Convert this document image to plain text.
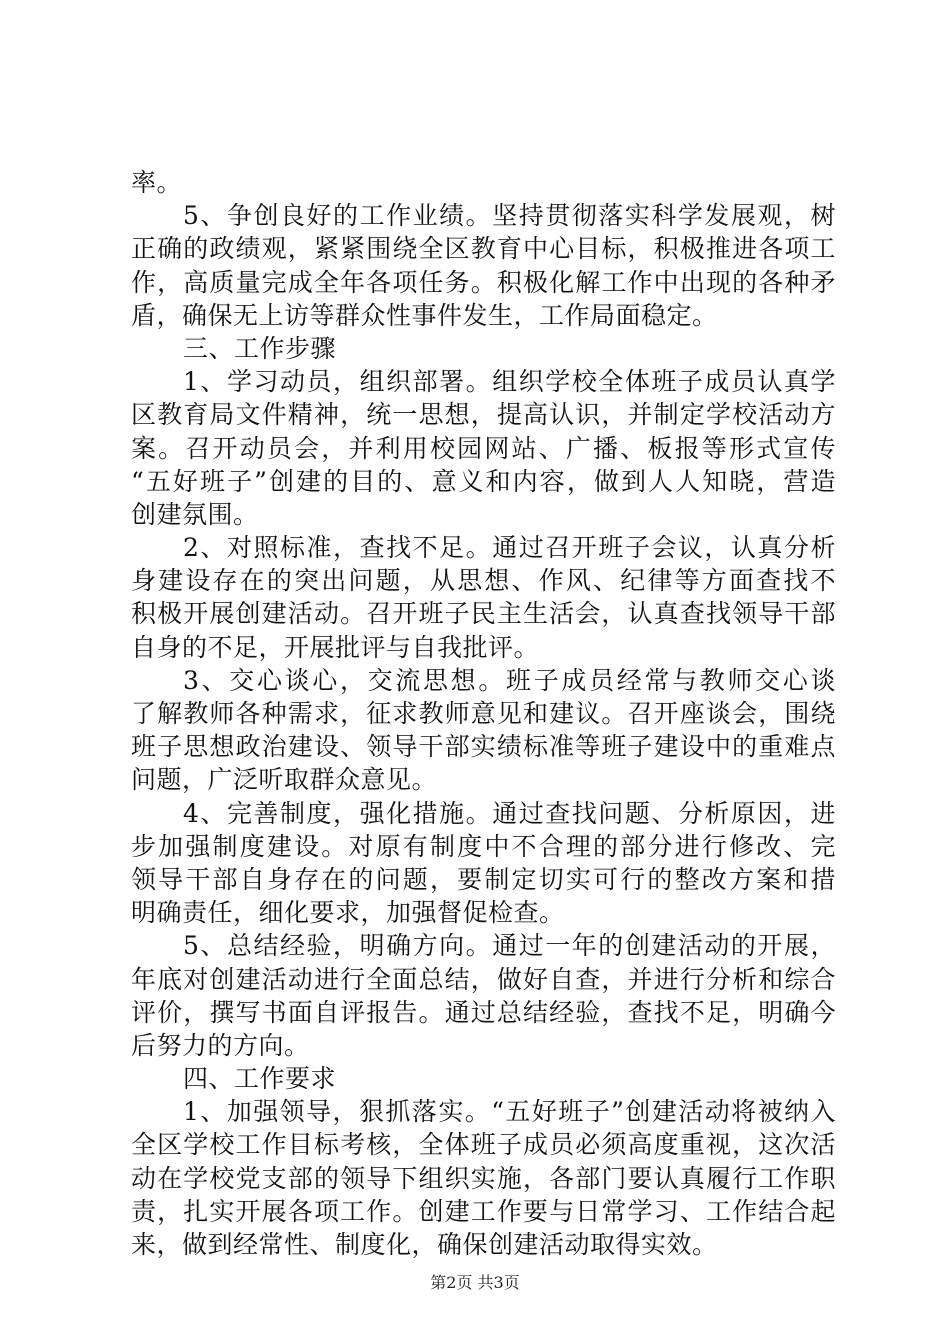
率。
5、争创良好的工作业绩。坚持贯彻落实科学发展观，树
正确的政绩观，紧紧围绕全区教育中心目标，积极推进各项工
作，高质量完成全年各项任务。积极化解工作中出现的各种矛
盾，确保无上访等群众性事件发生，工作局面稳定。
三、工作步骤
1、学习动员，组织部署。组织学校全体班子成员认真学
区教育局文件精神，统一思想，提高认识，并制定学校活动方
案。召开动员会，并利用校园网站、广播、板报等形式宣传
“五好班子”创建的目的、意义和内容，做到人人知晓，营造
创建氛围。
2、对照标准，查找不足。通过召开班子会议，认真分析
身建设存在的突出问题，从思想、作风、纪律等方面查找不
积极开展创建活动。召开班子民主生活会，认真查找领导干部
自身的不足，开展批评与自我批评。
3、交心谈心，交流思想。班子成员经常与教师交心谈
了解教师各种需求，征求教师意见和建议。召开座谈会，围绕
班子思想政治建设、领导干部实绩标准等班子建设中的重难点
问题，广泛听取群众意见。
4、完善制度，强化措施。通过查找问题、分析原因，进
步加强制度建设。对原有制度中不合理的部分进行修改、完
领导干部自身存在的问题，要制定切实可行的整改方案和措
明确责任，细化要求，加强督促检查。
5、总结经验，明确方向。通过一年的创建活动的开展，
年底对创建活动进行全面总结，做好自查，并进行分析和综合
评价，撰写书面自评报告。通过总结经验，查找不足，明确今
后努力的方向。
四、工作要求
1、加强领导，狠抓落实。“五好班子”创建活动将被纳入
全区学校工作目标考核，全体班子成员必须高度重视，这次活
动在学校党支部的领导下组织实施，各部门要认真履行工作职
责，扎实开展各项工作。创建工作要与日常学习、工作结合起
来，做到经常性、制度化，确保创建活动取得实效。
第2页 共3页
